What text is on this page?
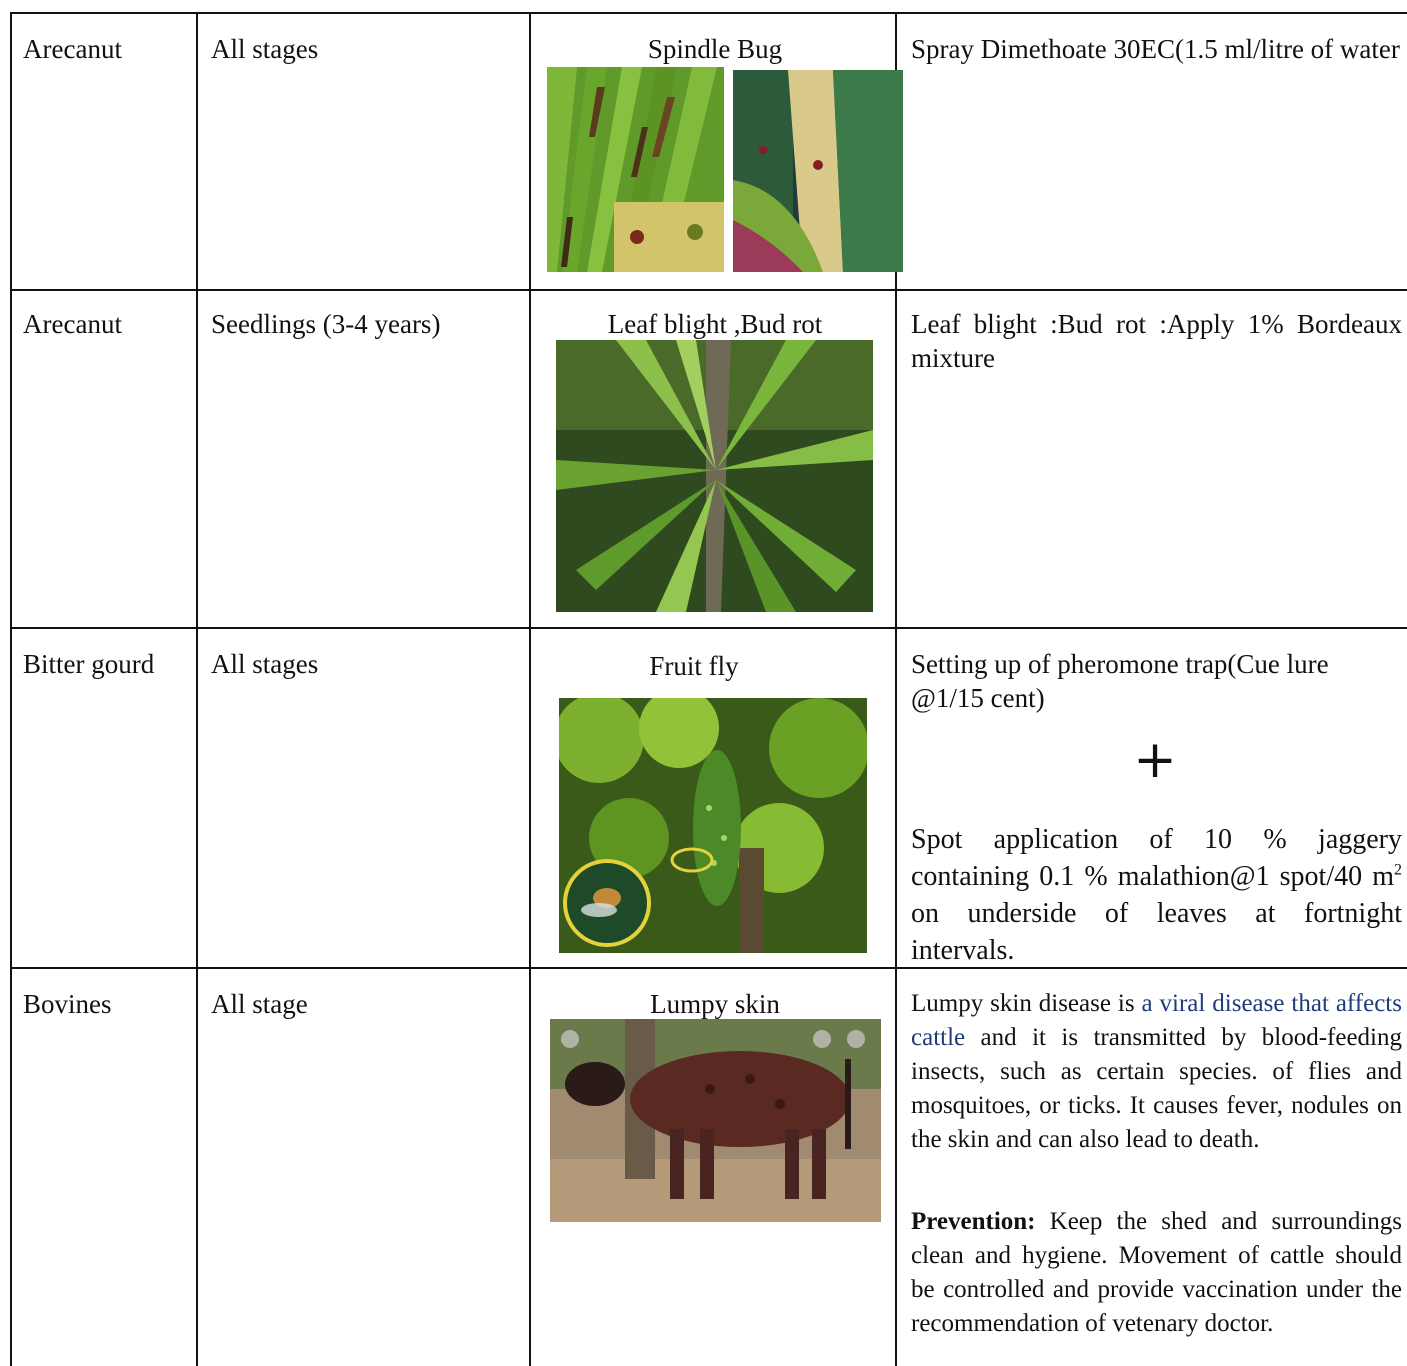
Arecanut	All stages	Spindle Bug	Spray Dimethoate 30EC(1.5 ml/litre of water
Arecanut	Seedlings (3-4 years)	Leaf blight ,Bud rot	Leaf blight :Bud rot :Apply 1% Bordeaux mixture
Bitter gourd	All stages	Fruit fly	Setting up of pheromone trap(Cue lure @1/15 cent)
+
Spot application of 10 % jaggery containing 0.1 % malathion@1 spot/40 $m^2$ on underside of leaves at fortnight intervals.
Bovines	All stage	Lumpy skin	Lumpy skin disease is a viral disease that affects cattle and it is transmitted by blood-feeding insects, such as certain species. of flies and mosquitoes, or ticks. It causes fever, nodules on the skin and can also lead to death.
Prevention: Keep the shed and surroundings clean and hygiene. Movement of cattle should be controlled and provide vaccination under the recommendation of vetenary doctor.
